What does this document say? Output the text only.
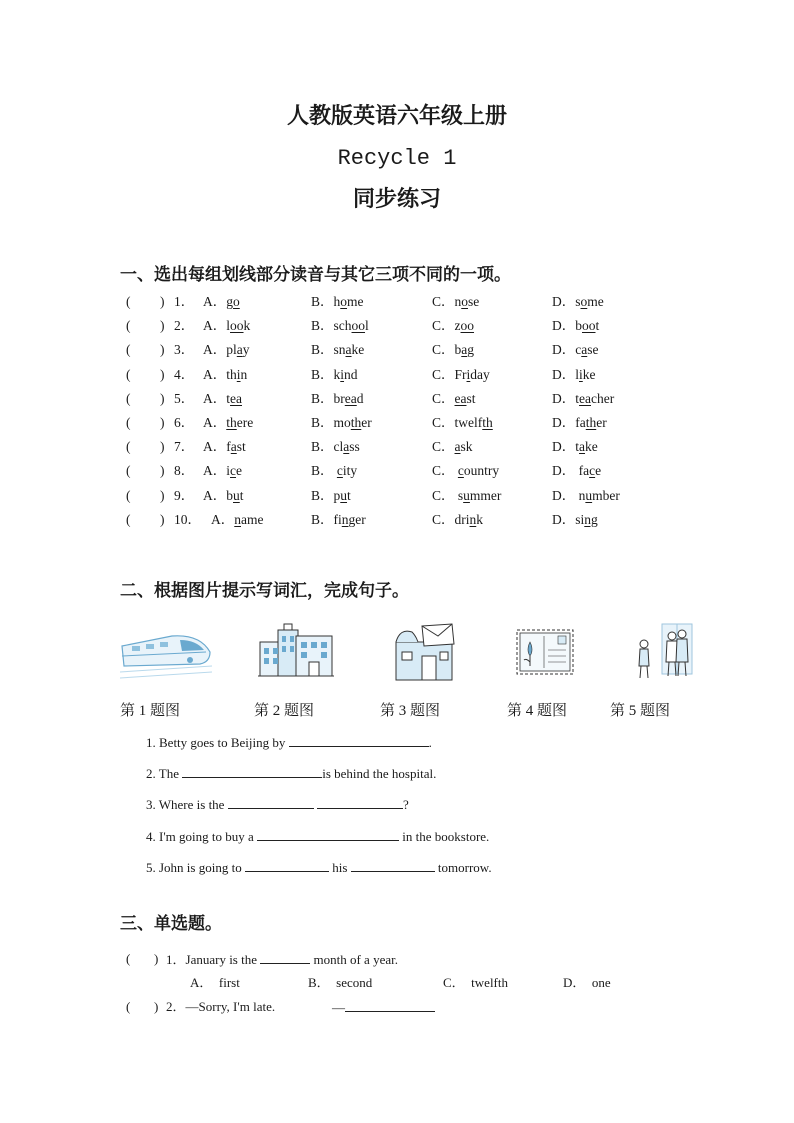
人教版英语六年级上册
Recycle 1
同步练习
一、选出每组划线部分读音与其它三项不同的一项。
( ) 1． A．go	B．home	C．nose	D．some
( ) 2． A．look	B．school	C．zoo	D．boot
( ) 3． A．play	B．snake	C．bag	D．case
( ) 4． A．thin	B．kind	C．Friday	D．like
( ) 5． A．tea	B．bread	C．east	D．teacher
( ) 6． A．there	B．mother	C．twelfth	D．father
( ) 7． A．fast	B．class	C．ask	D．take
( ) 8． A．ice	B． city	C． country	D． face
( ) 9． A．but	B．put	C． summer	D． number
( ) 10． A．name	B．finger	C．drink	D．sing
二、根据图片提示写词汇，完成句子。
第 1 题图	第 2 题图	第 3 题图	第 4 题图	第 5 题图
1. Betty goes to Beijing by	.
2. The	is behind the hospital.
3. Where is the	?
4. I'm going to buy a	in the bookstore.
5. John is going to	his	tomorrow.
三、单选题。
( ) 1．January is the	month of a year.
A． first	B． second	C． twelfth	D． one
( ) 2．—Sorry, I'm late.	—
